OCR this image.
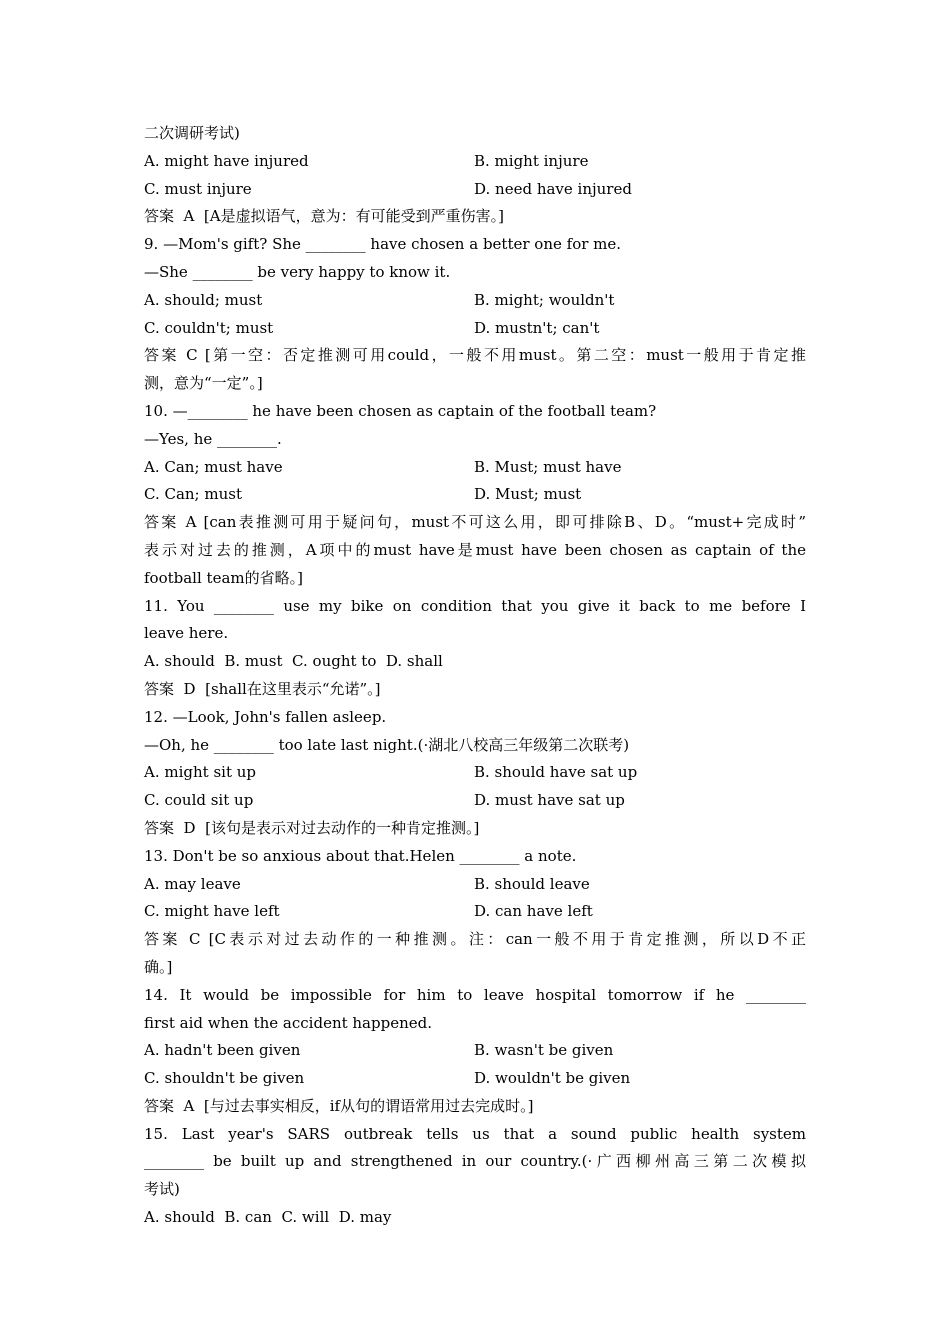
二次调研考试)
A. might have injured	B. might injure
C. must injure	D. need have injured
答案  A  [A是虚拟语气，意为：有可能受到严重伤害。]
9. —Mom's gift? She ________ have chosen a better one for me.
—She ________ be very happy to know it.
A. should; must	B. might; wouldn't
C. couldn't; must	D. mustn't; can't
答案 C [第一空：否定推测可用could，一般不用must。第二空：must一般用于肯定推
测，意为“一定”。]
10. —________ he have been chosen as captain of the football team?
—Yes, he ________.
A. Can; must have	B. Must; must have
C. Can; must	D. Must; must
答案 A [can表推测可用于疑问句，must不可这么用，即可排除B、D。“must+完成时”
表示对过去的推测，A项中的must have是must have been chosen as captain of the
football team的省略。]
11. You ________ use my bike on condition that you give it back to me before I
leave here.
A. should  B. must  C. ought to  D. shall
答案  D  [shall在这里表示“允诺”。]
12. —Look, John's fallen asleep.
—Oh, he ________ too late last night.(·湖北八校高三年级第二次联考)
A. might sit up	B. should have sat up
C. could sit up	D. must have sat up
答案  D  [该句是表示对过去动作的一种肯定推测。]
13. Don't be so anxious about that.Helen ________ a note.
A. may leave	B. should leave
C. might have left	D. can have left
答案 C [C表示对过去动作的一种推测。注：can一般不用于肯定推测，所以D不正
确。]
14. It would be impossible for him to leave hospital tomorrow if he ________
first aid when the accident happened.
A. hadn't been given	B. wasn't be given
C. shouldn't be given	D. wouldn't be given
答案  A  [与过去事实相反，if从句的谓语常用过去完成时。]
15. Last year's SARS outbreak tells us that a sound public health system
________ be built up and strengthened in our country.(·广西柳州高三第二次模拟
考试)
A. should  B. can  C. will  D. may
